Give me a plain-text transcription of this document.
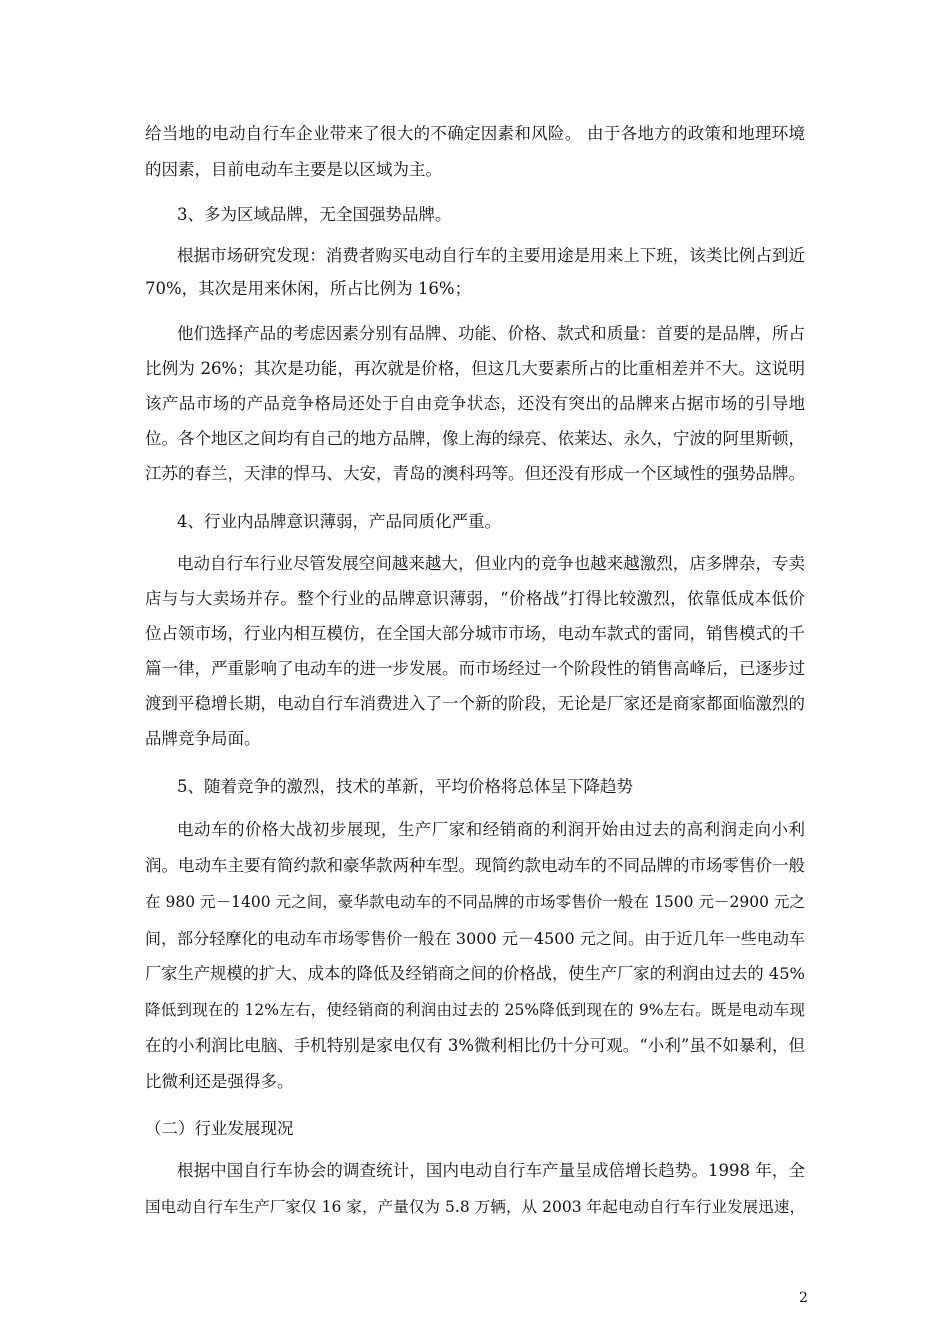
给当地的电动自行车企业带来了很大的不确定因素和风险。 由于各地方的政策和地理环境
的因素，目前电动车主要是以区域为主。
3、多为区域品牌，无全国强势品牌。
根据市场研究发现：消费者购买电动自行车的主要用途是用来上下班，该类比例占到近
70%，其次是用来休闲，所占比例为 16%；
他们选择产品的考虑因素分别有品牌、功能、价格、款式和质量：首要的是品牌，所占
比例为 26%；其次是功能，再次就是价格，但这几大要素所占的比重相差并不大。这说明
该产品市场的产品竞争格局还处于自由竞争状态，还没有突出的品牌来占据市场的引导地
位。各个地区之间均有自己的地方品牌，像上海的绿亮、依莱达、永久，宁波的阿里斯顿，
江苏的春兰，天津的悍马、大安，青岛的澳科玛等。但还没有形成一个区域性的强势品牌。
4、行业内品牌意识薄弱，产品同质化严重。
电动自行车行业尽管发展空间越来越大，但业内的竞争也越来越激烈，店多牌杂，专卖
店与与大卖场并存。整个行业的品牌意识薄弱，“价格战”打得比较激烈，依靠低成本低价
位占领市场，行业内相互模仿，在全国大部分城市市场，电动车款式的雷同，销售模式的千
篇一律，严重影响了电动车的进一步发展。而市场经过一个阶段性的销售高峰后，已逐步过
渡到平稳增长期，电动自行车消费进入了一个新的阶段，无论是厂家还是商家都面临激烈的
品牌竞争局面。
5、随着竞争的激烈，技术的革新，平均价格将总体呈下降趋势
电动车的价格大战初步展现，生产厂家和经销商的利润开始由过去的高利润走向小利
润。电动车主要有简约款和豪华款两种车型。现简约款电动车的不同品牌的市场零售价一般
在 980 元－1400 元之间，豪华款电动车的不同品牌的市场零售价一般在 1500 元－2900 元之
间，部分轻摩化的电动车市场零售价一般在 3000 元－4500 元之间。由于近几年一些电动车
厂家生产规模的扩大、成本的降低及经销商之间的价格战，使生产厂家的利润由过去的 45%
降低到现在的 12%左右，使经销商的利润由过去的 25%降低到现在的 9%左右。既是电动车现
在的小利润比电脑、手机特别是家电仅有 3%微利相比仍十分可观。“小利”虽不如暴利，但
比微利还是强得多。
（二）行业发展现况
根据中国自行车协会的调查统计，国内电动自行车产量呈成倍增长趋势。1998 年，全
国电动自行车生产厂家仅 16 家，产量仅为 5.8 万辆，从 2003 年起电动自行车行业发展迅速，
2
